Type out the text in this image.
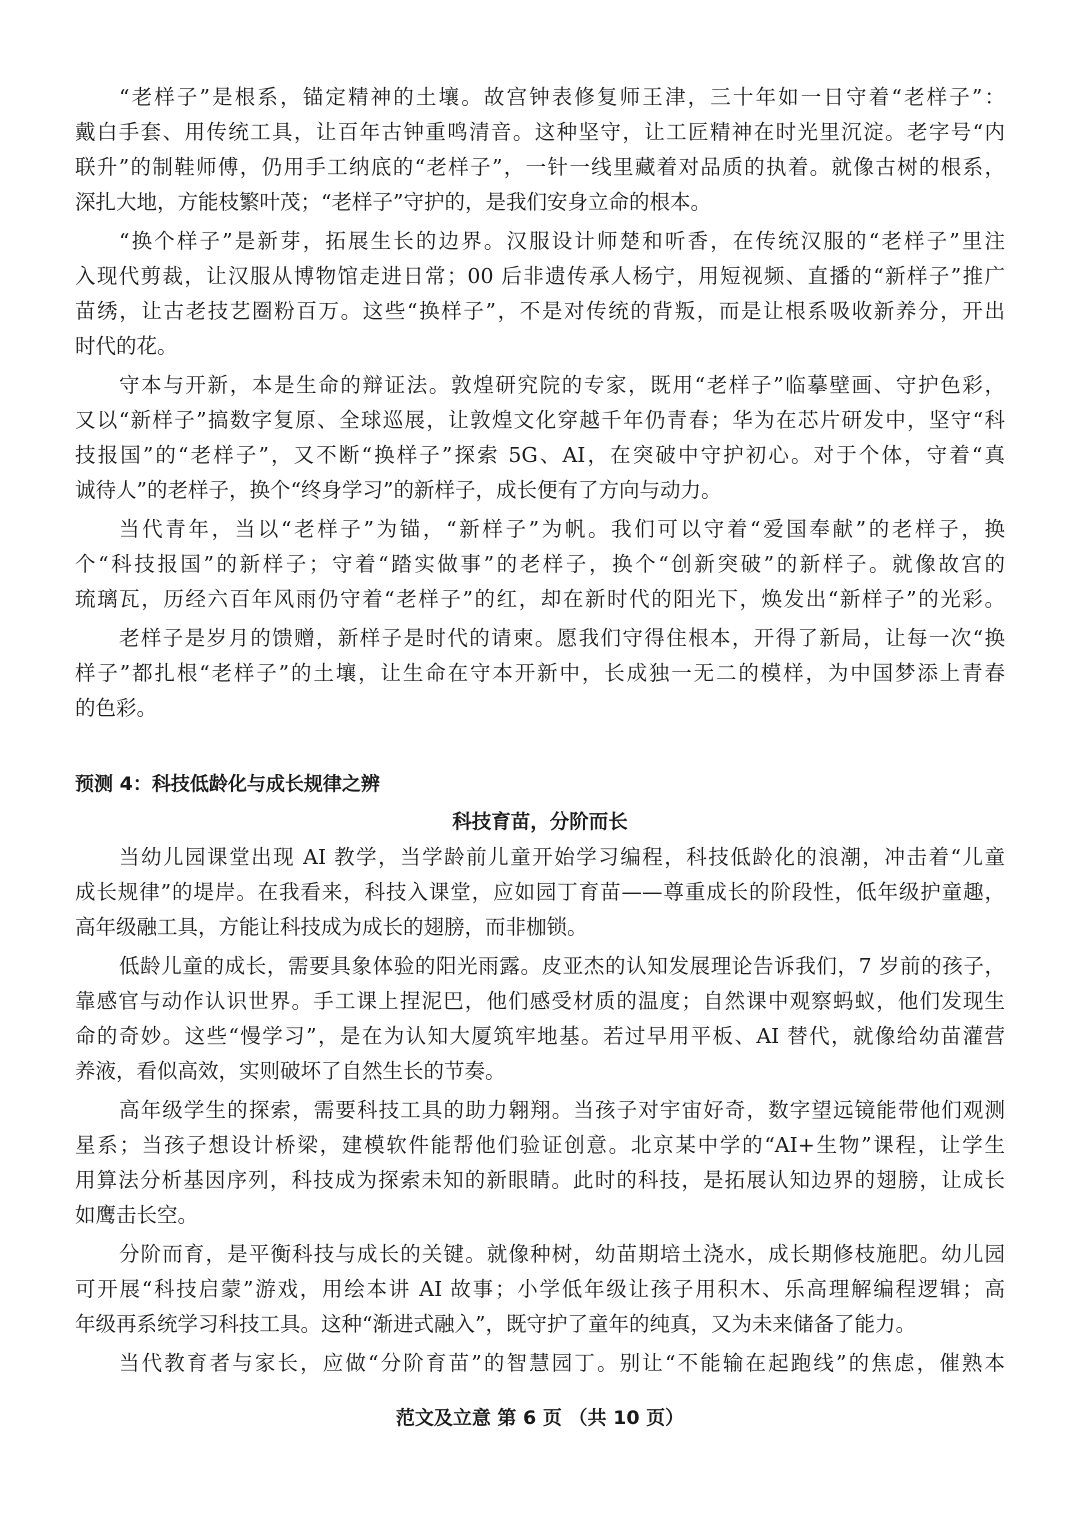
“老样子”是根系，锚定精神的土壤。故宫钟表修复师王津，三十年如一日守着“老样子”：
戴白手套、用传统工具，让百年古钟重鸣清音。这种坚守，让工匠精神在时光里沉淀。老字号“内
联升”的制鞋师傅，仍用手工纳底的“老样子”，一针一线里藏着对品质的执着。就像古树的根系，
深扎大地，方能枝繁叶茂；“老样子”守护的，是我们安身立命的根本。
“换个样子”是新芽，拓展生长的边界。汉服设计师楚和听香，在传统汉服的“老样子”里注
入现代剪裁，让汉服从博物馆走进日常；00 后非遗传承人杨宁，用短视频、直播的“新样子”推广
苗绣，让古老技艺圈粉百万。这些“换样子”，不是对传统的背叛，而是让根系吸收新养分，开出
时代的花。
守本与开新，本是生命的辩证法。敦煌研究院的专家，既用“老样子”临摹壁画、守护色彩，
又以“新样子”搞数字复原、全球巡展，让敦煌文化穿越千年仍青春；华为在芯片研发中，坚守“科
技报国”的“老样子”，又不断“换样子”探索 5G、AI，在突破中守护初心。对于个体，守着“真
诚待人”的老样子，换个“终身学习”的新样子，成长便有了方向与动力。
当代青年，当以“老样子”为锚，“新样子”为帆。我们可以守着“爱国奉献”的老样子，换
个“科技报国”的新样子；守着“踏实做事”的老样子，换个“创新突破”的新样子。就像故宫的
琉璃瓦，历经六百年风雨仍守着“老样子”的红，却在新时代的阳光下，焕发出“新样子”的光彩。
老样子是岁月的馈赠，新样子是时代的请柬。愿我们守得住根本，开得了新局，让每一次“换
样子”都扎根“老样子”的土壤，让生命在守本开新中，长成独一无二的模样，为中国梦添上青春
的色彩。
预测 4：科技低龄化与成长规律之辨
科技育苗，分阶而长
当幼儿园课堂出现 AI 教学，当学龄前儿童开始学习编程，科技低龄化的浪潮，冲击着“儿童
成长规律”的堤岸。在我看来，科技入课堂，应如园丁育苗——尊重成长的阶段性，低年级护童趣，
高年级融工具，方能让科技成为成长的翅膀，而非枷锁。
低龄儿童的成长，需要具象体验的阳光雨露。皮亚杰的认知发展理论告诉我们，7 岁前的孩子，
靠感官与动作认识世界。手工课上捏泥巴，他们感受材质的温度；自然课中观察蚂蚁，他们发现生
命的奇妙。这些“慢学习”，是在为认知大厦筑牢地基。若过早用平板、AI 替代，就像给幼苗灌营
养液，看似高效，实则破坏了自然生长的节奏。
高年级学生的探索，需要科技工具的助力翱翔。当孩子对宇宙好奇，数字望远镜能带他们观测
星系；当孩子想设计桥梁，建模软件能帮他们验证创意。北京某中学的“AI+生物”课程，让学生
用算法分析基因序列，科技成为探索未知的新眼睛。此时的科技，是拓展认知边界的翅膀，让成长
如鹰击长空。
分阶而育，是平衡科技与成长的关键。就像种树，幼苗期培土浇水，成长期修枝施肥。幼儿园
可开展“科技启蒙”游戏，用绘本讲 AI 故事；小学低年级让孩子用积木、乐高理解编程逻辑；高
年级再系统学习科技工具。这种“渐进式融入”，既守护了童年的纯真，又为未来储备了能力。
当代教育者与家长，应做“分阶育苗”的智慧园丁。别让“不能输在起跑线”的焦虑，催熟本
范文及立意 第 6 页 （共 10 页）
